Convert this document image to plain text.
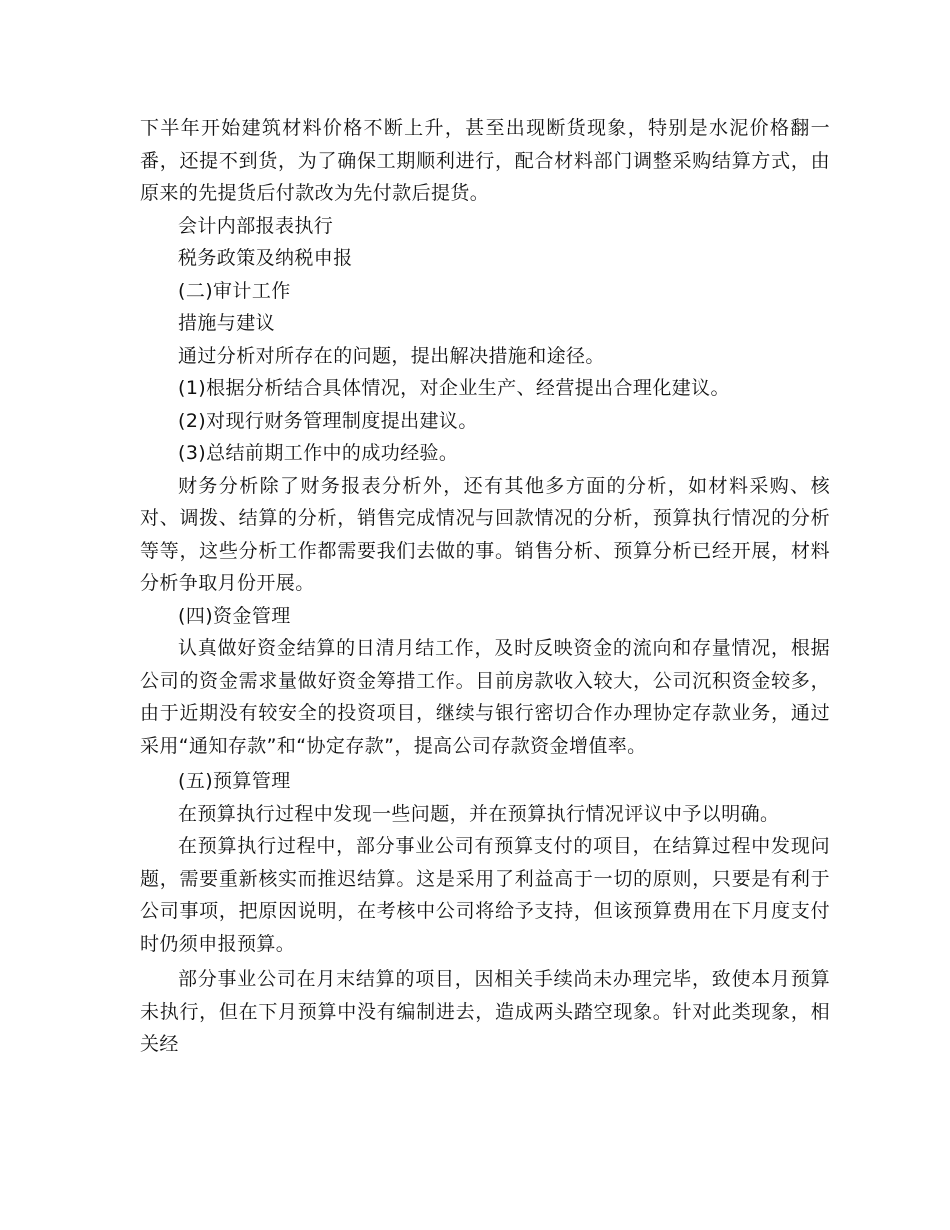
下半年开始建筑材料价格不断上升，甚至出现断货现象，特别是水泥价格翻一番，还提不到货，为了确保工期顺利进行，配合材料部门调整采购结算方式，由原来的先提货后付款改为先付款后提货。

会计内部报表执行

税务政策及纳税申报

(二)审计工作

措施与建议

通过分析对所存在的问题，提出解决措施和途径。

(1)根据分析结合具体情况，对企业生产、经营提出合理化建议。

(2)对现行财务管理制度提出建议。

(3)总结前期工作中的成功经验。

财务分析除了财务报表分析外，还有其他多方面的分析，如材料采购、核对、调拨、结算的分析，销售完成情况与回款情况的分析，预算执行情况的分析等等，这些分析工作都需要我们去做的事。销售分析、预算分析已经开展，材料分析争取月份开展。

(四)资金管理

认真做好资金结算的日清月结工作，及时反映资金的流向和存量情况，根据公司的资金需求量做好资金筹措工作。目前房款收入较大，公司沉积资金较多，由于近期没有较安全的投资项目，继续与银行密切合作办理协定存款业务，通过采用“通知存款”和“协定存款”，提高公司存款资金增值率。

(五)预算管理

在预算执行过程中发现一些问题，并在预算执行情况评议中予以明确。

在预算执行过程中，部分事业公司有预算支付的项目，在结算过程中发现问题，需要重新核实而推迟结算。这是采用了利益高于一切的原则，只要是有利于公司事项，把原因说明，在考核中公司将给予支持，但该预算费用在下月度支付时仍须申报预算。

部分事业公司在月末结算的项目，因相关手续尚未办理完毕，致使本月预算未执行，但在下月预算中没有编制进去，造成两头踏空现象。针对此类现象，相关经
